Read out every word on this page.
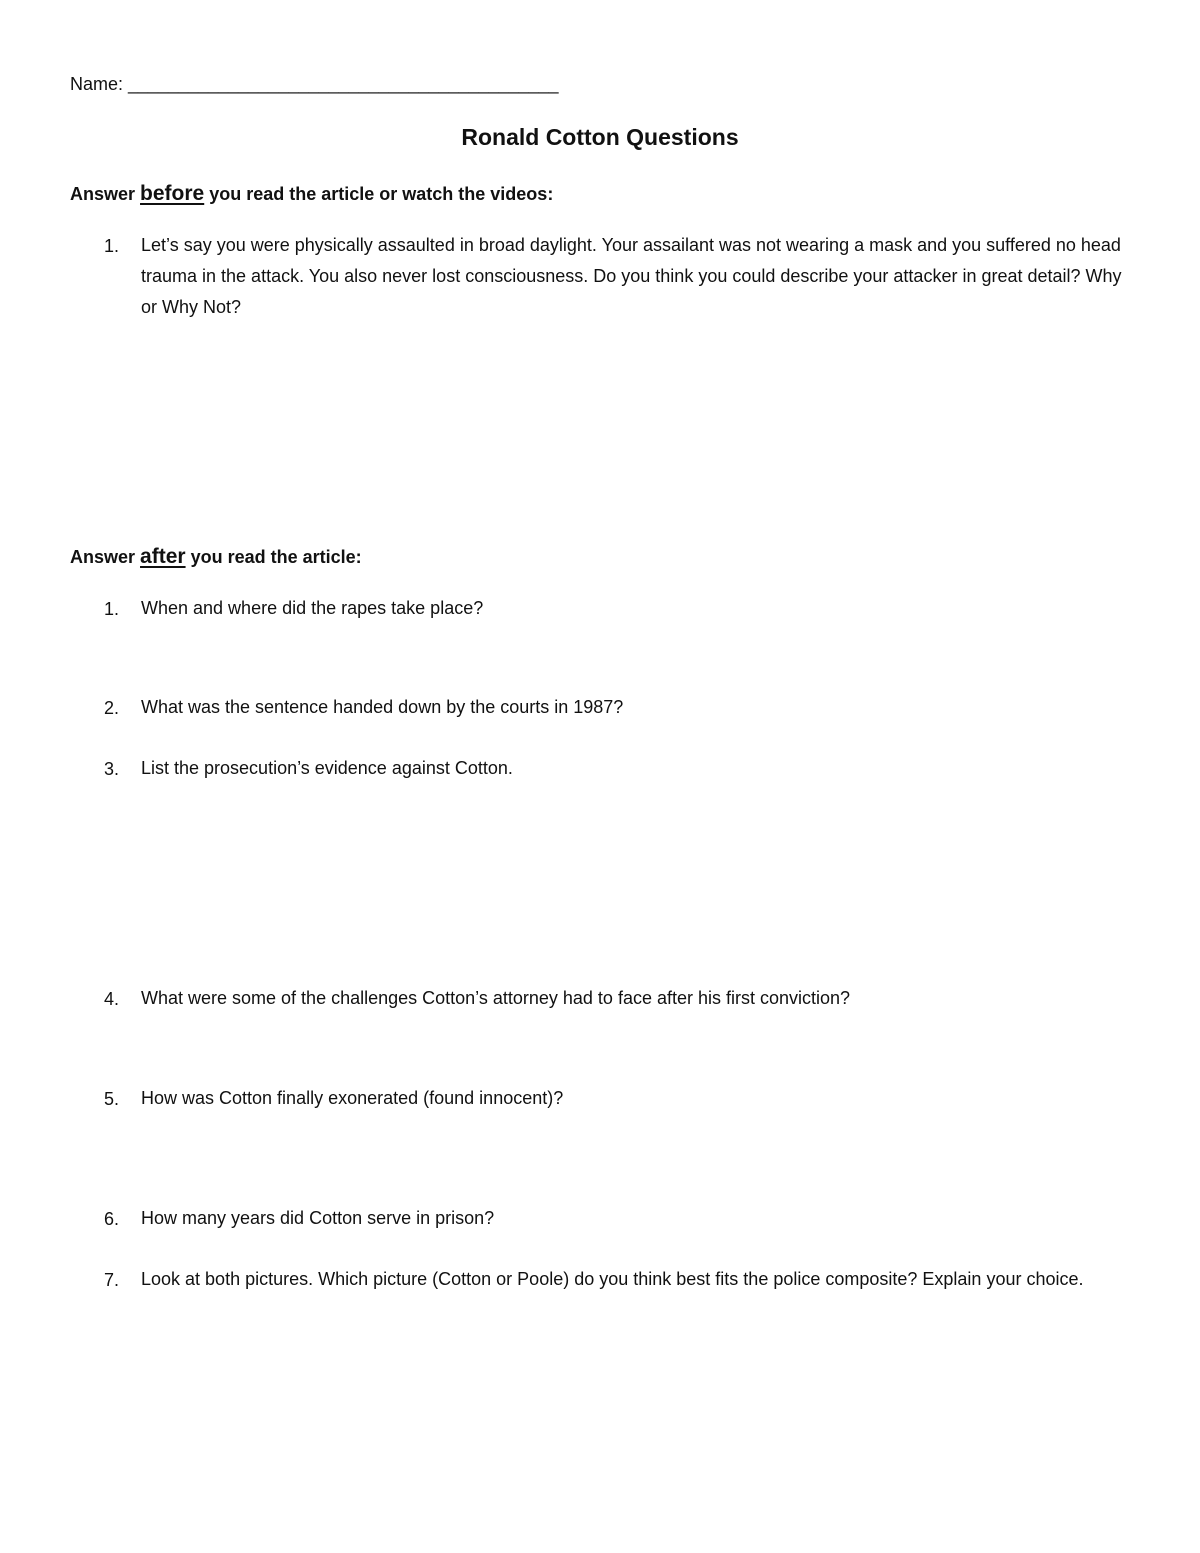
Name: ___________________________________________
Ronald Cotton Questions
Answer before you read the article or watch the videos:
1. Let’s say you were physically assaulted in broad daylight. Your assailant was not wearing a mask and you suffered no head trauma in the attack. You also never lost consciousness. Do you think you could describe your attacker in great detail? Why or Why Not?
Answer after you read the article:
1. When and where did the rapes take place?
2. What was the sentence handed down by the courts in 1987?
3. List the prosecution’s evidence against Cotton.
4. What were some of the challenges Cotton’s attorney had to face after his first conviction?
5. How was Cotton finally exonerated (found innocent)?
6. How many years did Cotton serve in prison?
7. Look at both pictures. Which picture (Cotton or Poole) do you think best fits the police composite? Explain your choice.
